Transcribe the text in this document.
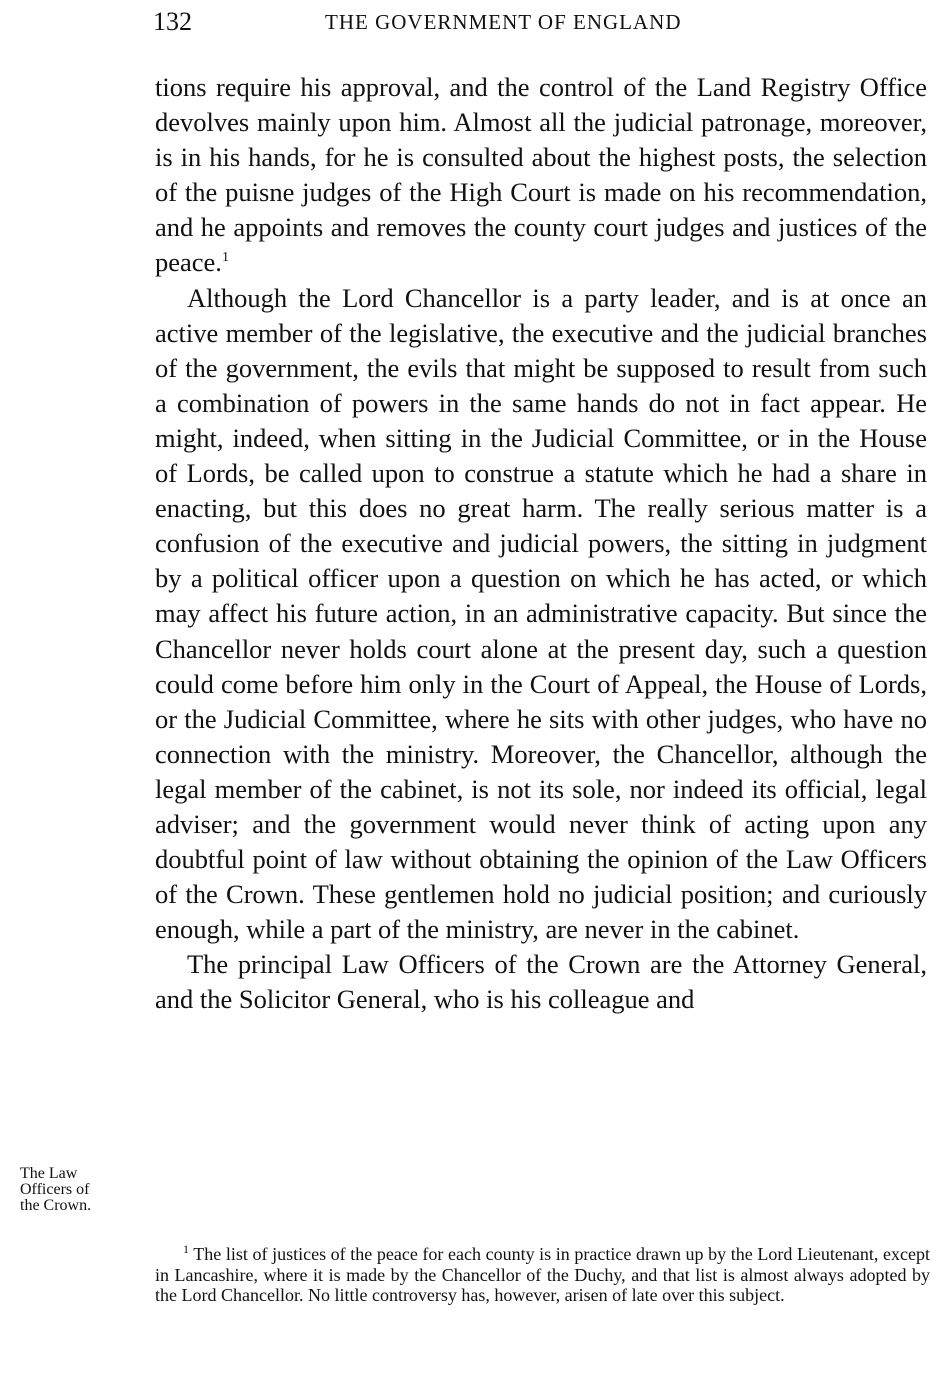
132	THE GOVERNMENT OF ENGLAND

tions require his approval, and the control of the Land Registry Office devolves mainly upon him. Almost all the judicial patronage, moreover, is in his hands, for he is consulted about the highest posts, the selection of the puisne judges of the High Court is made on his recommendation, and he appoints and removes the county court judges and justices of the peace.$^1$

Although the Lord Chancellor is a party leader, and is at once an active member of the legislative, the executive and the judicial branches of the government, the evils that might be supposed to result from such a combination of powers in the same hands do not in fact appear. He might, indeed, when sitting in the Judicial Committee, or in the House of Lords, be called upon to construe a statute which he had a share in enacting, but this does no great harm. The really serious matter is a confusion of the executive and judicial powers, the sitting in judgment by a political officer upon a question on which he has acted, or which may affect his future action, in an administrative capacity. But since the Chancellor never holds court alone at the present day, such a question could come before him only in the Court of Appeal, the House of Lords, or the Judicial Committee, where he sits with other judges, who have no connection with the ministry. Moreover, the Chancellor, although the legal member of the cabinet, is not its sole, nor indeed its official, legal adviser; and the government would never think of acting upon any doubtful point of law without obtaining the opinion of the Law Officers of the Crown. These gentlemen hold no judicial position; and curiously enough, while a part of the ministry, are never in the cabinet.

The principal Law Officers of the Crown are the Attorney General, and the Solicitor General, who is his colleague and

The Law
Officers of
the Crown.

$^1$ The list of justices of the peace for each county is in practice drawn up by the Lord Lieutenant, except in Lancashire, where it is made by the Chancellor of the Duchy, and that list is almost always adopted by the Lord Chancellor. No little controversy has, however, arisen of late over this subject.
